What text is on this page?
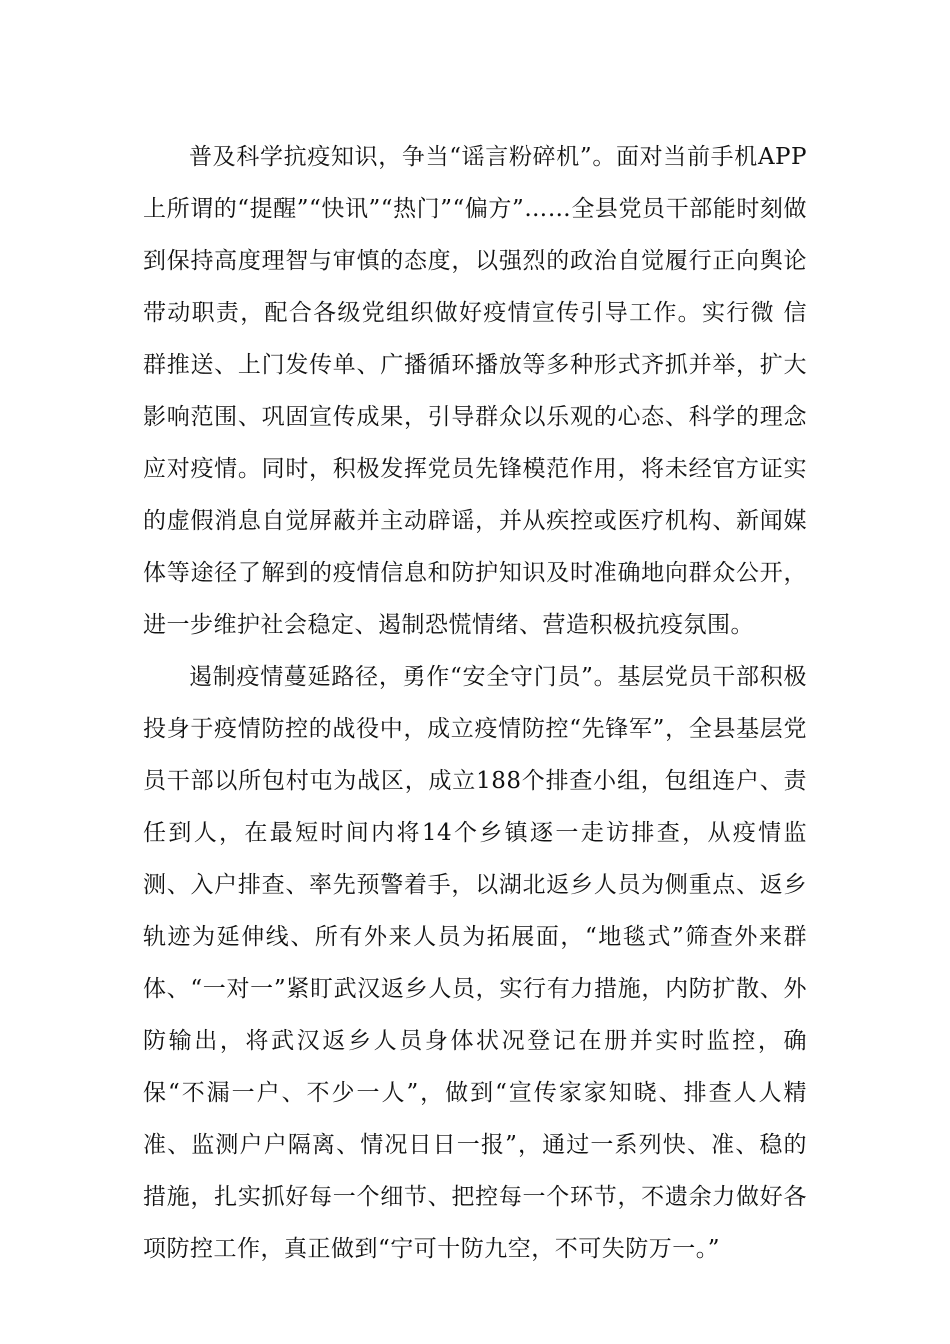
普及科学抗疫知识，争当“谣言粉碎机”。面对当前手机APP上所谓的“提醒”“快讯”“热门”“偏方”……全县党员干部能时刻做到保持高度理智与审慎的态度，以强烈的政治自觉履行正向舆论带动职责，配合各级党组织做好疫情宣传引导工作。实行微 信群推送、上门发传单、广播循环播放等多种形式齐抓并举，扩大影响范围、巩固宣传成果，引导群众以乐观的心态、科学的理念应对疫情。同时，积极发挥党员先锋模范作用，将未经官方证实的虚假消息自觉屏蔽并主动辟谣，并从疾控或医疗机构、新闻媒体等途径了解到的疫情信息和防护知识及时准确地向群众公开，进一步维护社会稳定、遏制恐慌情绪、营造积极抗疫氛围。

遏制疫情蔓延路径，勇作“安全守门员”。基层党员干部积极投身于疫情防控的战役中，成立疫情防控“先锋军”，全县基层党员干部以所包村屯为战区，成立188个排查小组，包组连户、责任到人，在最短时间内将14个乡镇逐一走访排查，从疫情监测、入户排查、率先预警着手，以湖北返乡人员为侧重点、返乡轨迹为延伸线、所有外来人员为拓展面，“地毯式”筛查外来群体、“一对一”紧盯武汉返乡人员，实行有力措施，内防扩散、外防输出，将武汉返乡人员身体状况登记在册并实时监控，确保“不漏一户、不少一人”，做到“宣传家家知晓、排查人人精准、监测户户隔离、情况日日一报”，通过一系列快、准、稳的措施，扎实抓好每一个细节、把控每一个环节，不遗余力做好各项防控工作，真正做到“宁可十防九空，不可失防万一。”
